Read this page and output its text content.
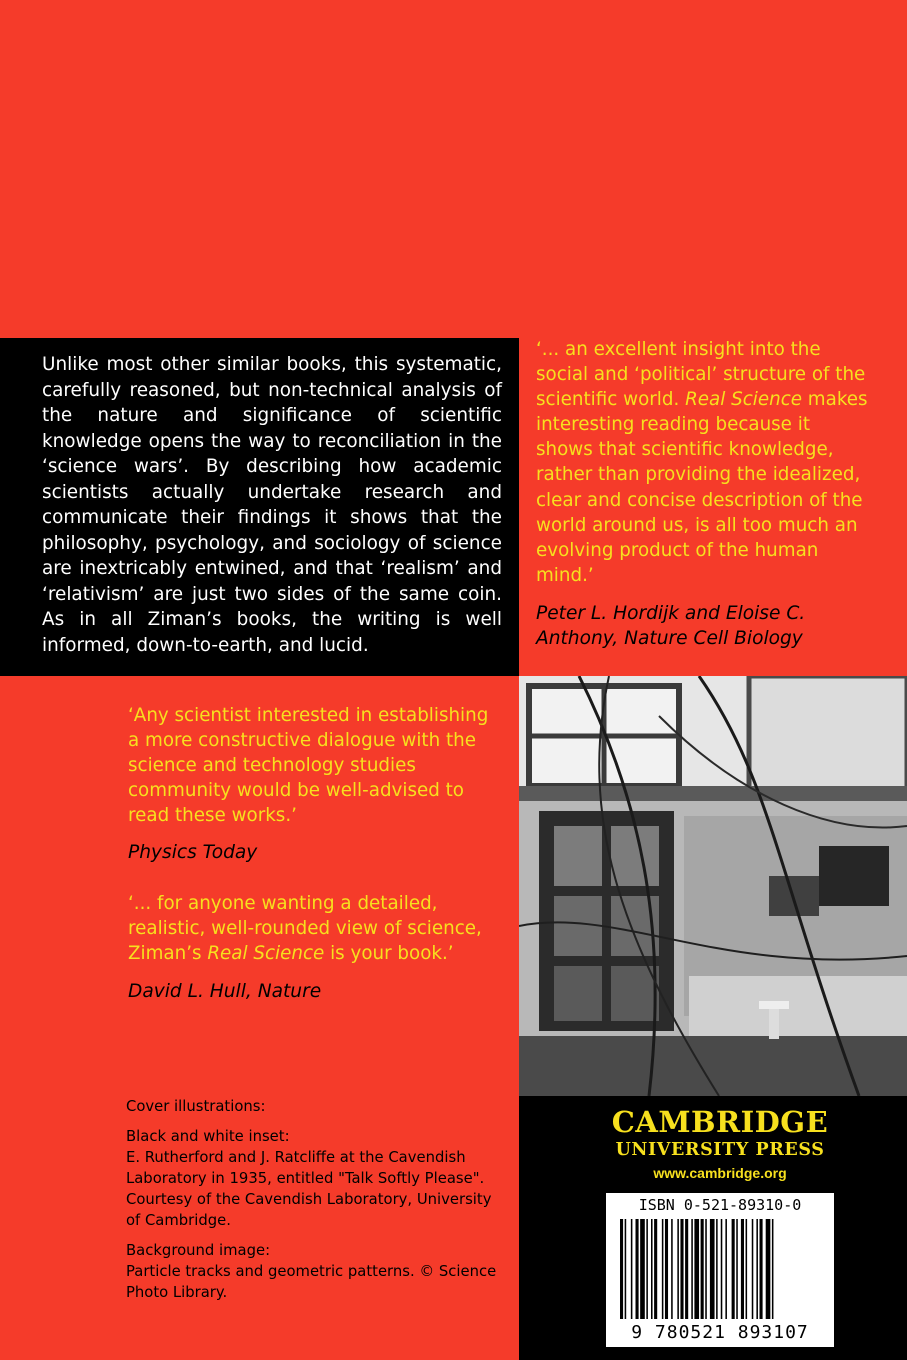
Unlike most other similar books, this systematic, carefully reasoned, but non-technical analysis of the nature and significance of scientific knowledge opens the way to reconciliation in the ‘science wars’. By describing how academic scientists actually undertake research and communicate their findings it shows that the philosophy, psychology, and sociology of science are inextricably entwined, and that ‘realism’ and ‘relativism’ are just two sides of the same coin. As in all Ziman’s books, the writing is well informed, down-to-earth, and lucid.
‘... an excellent insight into the social and ‘political’ structure of the scientific world. Real Science makes interesting reading because it shows that scientific knowledge, rather than providing the idealized, clear and concise description of the world around us, is all too much an evolving product of the human mind.’
Peter L. Hordijk and Eloise C. Anthony, Nature Cell Biology
‘Any scientist interested in establishing a more constructive dialogue with the science and technology studies community would be well-advised to read these works.’
Physics Today
‘... for anyone wanting a detailed, realistic, well-rounded view of science, Ziman’s Real Science is your book.’
David L. Hull, Nature

Cover illustrations:

Black and white inset:
E. Rutherford and J. Ratcliffe at the Cavendish Laboratory in 1935, entitled "Talk Softly Please". Courtesy of the Cavendish Laboratory, University of Cambridge.

Background image:
Particle tracks and geometric patterns. © Science Photo Library.

CAMBRIDGE
UNIVERSITY PRESS
www.cambridge.org
ISBN 0-521-89310-0
9 780521 893107
